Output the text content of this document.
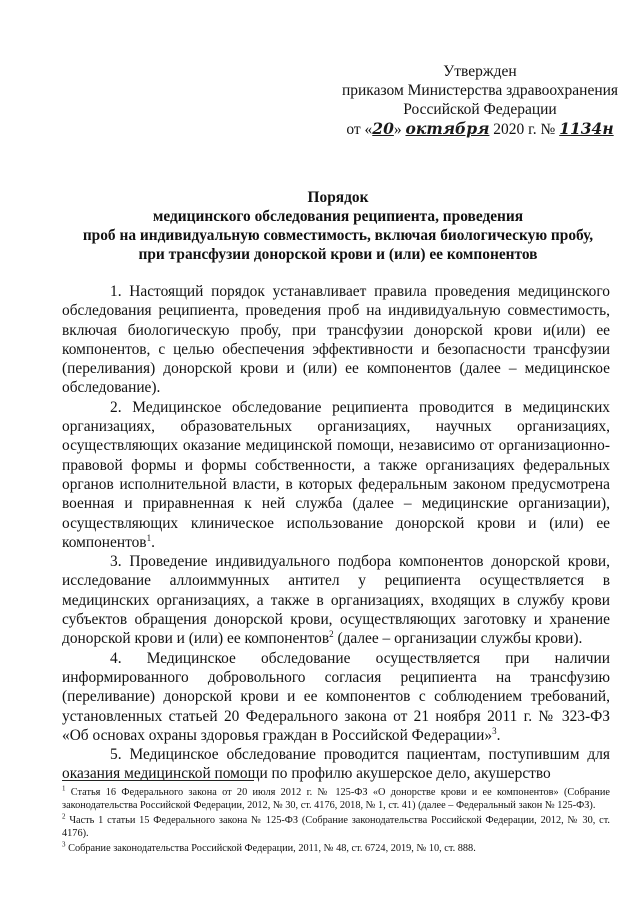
Утвержден
приказом Министерства здравоохранения
Российской Федерации
от «20» октября 2020 г. № 1134н
Порядок
медицинского обследования реципиента, проведения
проб на индивидуальную совместимость, включая биологическую пробу,
при трансфузии донорской крови и (или) ее компонентов

1. Настоящий порядок устанавливает правила проведения медицинского обследования реципиента, проведения проб на индивидуальную совместимость, включая биологическую пробу, при трансфузии донорской крови и(или) ее компонентов, с целью обеспечения эффективности и безопасности трансфузии (переливания) донорской крови и (или) ее компонентов (далее – медицинское обследование).

2. Медицинское обследование реципиента проводится в медицинских организациях, образовательных организациях, научных организациях, осуществляющих оказание медицинской помощи, независимо от организационно-правовой формы и формы собственности, а также организациях федеральных органов исполнительной власти, в которых федеральным законом предусмотрена военная и приравненная к ней служба (далее – медицинские организации), осуществляющих клиническое использование донорской крови и (или) ее компонентов$^1$.

3. Проведение индивидуального подбора компонентов донорской крови, исследование аллоиммунных антител у реципиента осуществляется в медицинских организациях, а также в организациях, входящих в службу крови субъектов обращения донорской крови, осуществляющих заготовку и хранение донорской крови и (или) ее компонентов$^2$ (далее – организации службы крови).

4. Медицинское обследование осуществляется при наличии информированного добровольного согласия реципиента на трансфузию (переливание) донорской крови и ее компонентов с соблюдением требований, установленных статьей 20 Федерального закона от 21 ноября 2011 г. № 323-ФЗ «Об основах охраны здоровья граждан в Российской Федерации»$^3$.

5. Медицинское обследование проводится пациентам, поступившим для оказания медицинской помощи по профилю акушерское дело, акушерство

$^1$ Статья 16 Федерального закона от 20 июля 2012 г. № 125-ФЗ «О донорстве крови и ее компонентов» (Собрание законодательства Российской Федерации, 2012, № 30, ст. 4176, 2018, № 1, ст. 41) (далее – Федеральный закон № 125-ФЗ).

$^2$ Часть 1 статьи 15 Федерального закона № 125-ФЗ (Собрание законодательства Российской Федерации, 2012, № 30, ст. 4176).

$^3$ Собрание законодательства Российской Федерации, 2011, № 48, ст. 6724, 2019, № 10, ст. 888.
